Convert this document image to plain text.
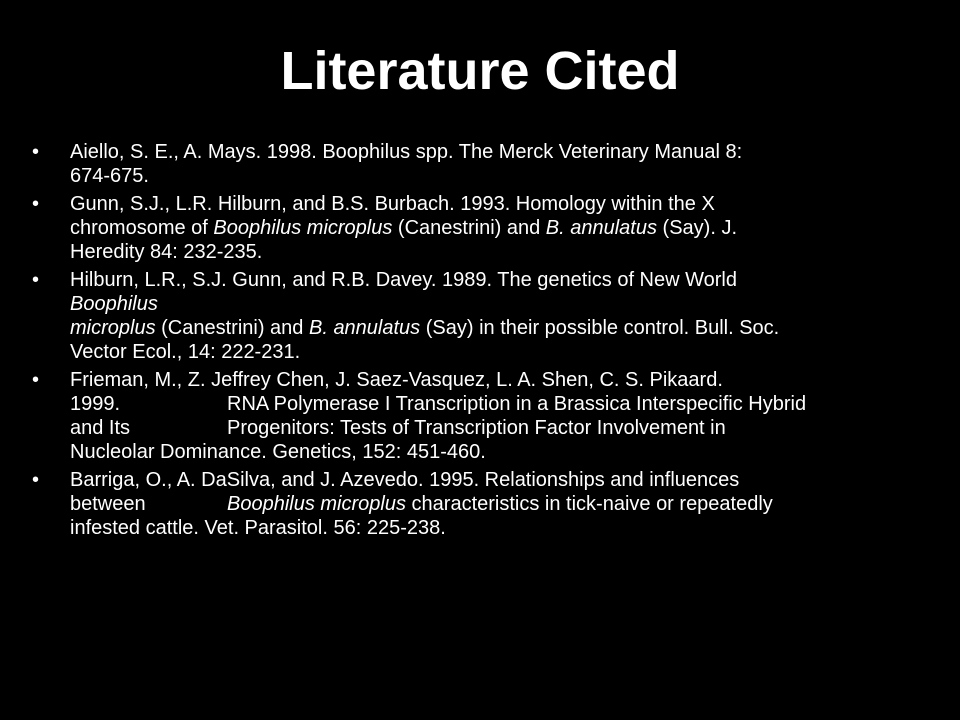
Literature Cited
•	Aiello, S. E., A. Mays. 1998. Boophilus spp. The Merck Veterinary Manual 8:
674-675.
•	Gunn, S.J., L.R. Hilburn, and B.S. Burbach. 1993. Homology within the X
chromosome of Boophilus microplus (Canestrini) and B. annulatus (Say). J.
Heredity 84: 232-235.
•	Hilburn, L.R., S.J. Gunn, and R.B. Davey. 1989. The genetics of New World
Boophilus
microplus (Canestrini) and B. annulatus (Say) in their possible control. Bull. Soc.
Vector Ecol., 14: 222-231.
•	Frieman, M., Z. Jeffrey Chen, J. Saez-Vasquez, L. A. Shen, C. S. Pikaard.
1999.	RNA Polymerase I Transcription in a Brassica Interspecific Hybrid
and Its	Progenitors: Tests of Transcription Factor Involvement in
Nucleolar Dominance. Genetics, 152: 451-460.
•	Barriga, O., A. DaSilva, and J. Azevedo. 1995. Relationships and influences
between	Boophilus microplus characteristics in tick-naive or repeatedly
infested cattle. Vet. Parasitol. 56: 225-238.
